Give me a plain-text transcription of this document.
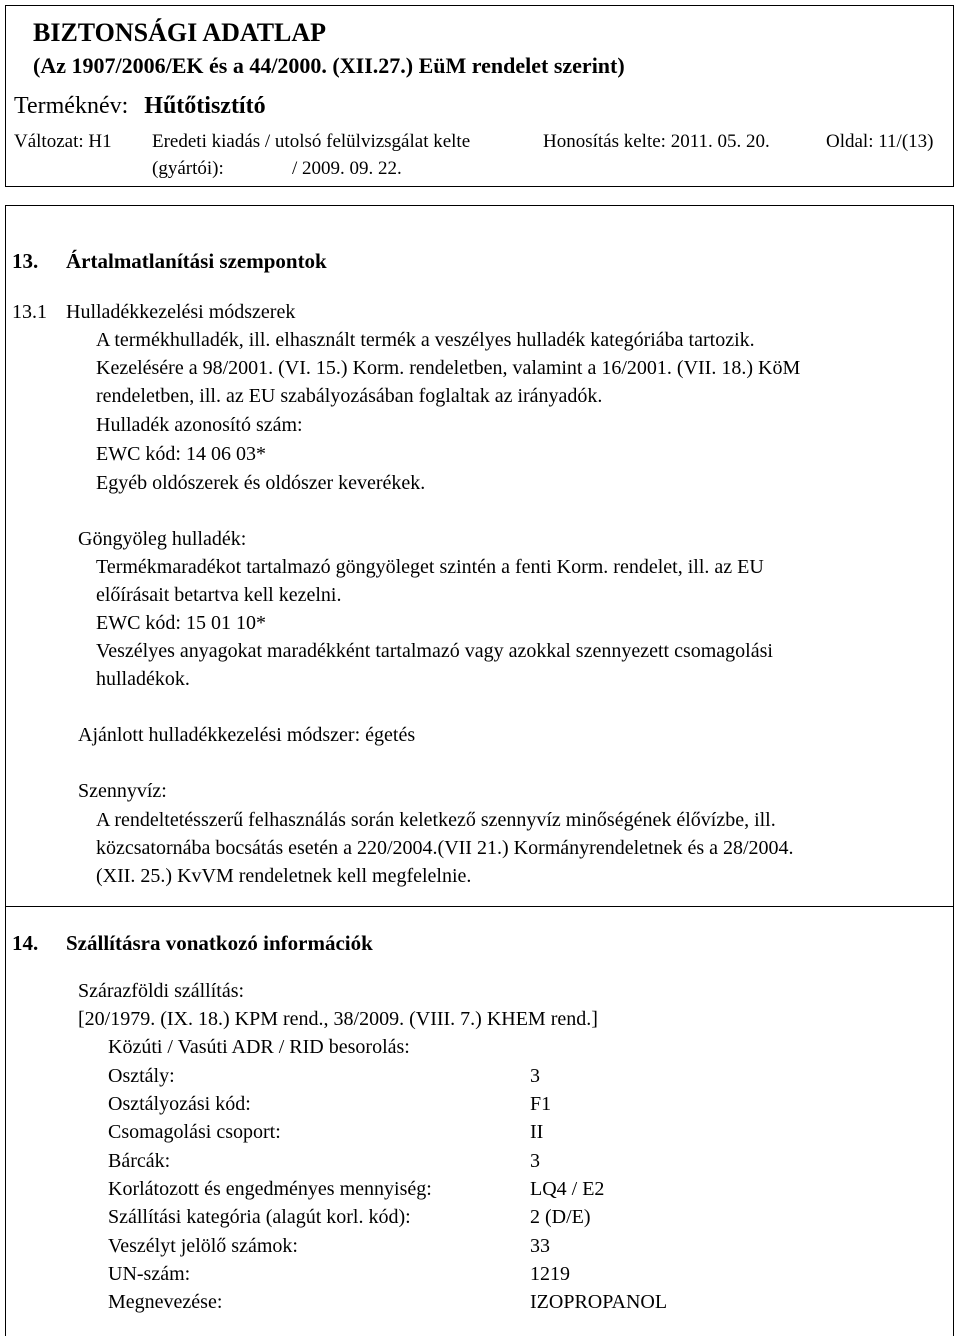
BIZTONSÁGI ADATLAP
(Az 1907/2006/EK és a 44/2000. (XII.27.) EüM rendelet szerint)
Terméknév: Hűtőtisztító
Változat: H1 Eredeti kiadás / utolsó felülvizsgálat kelte
(gyártói):	/ 2009. 09. 22.
Honosítás kelte: 2011. 05. 20.	Oldal: 11/(13)
13. Ártalmatlanítási szempontok
13.1 Hulladékkezelési módszerek
A termékhulladék, ill. elhasznált termék a veszélyes hulladék kategóriába tartozik.
Kezelésére a 98/2001. (VI. 15.) Korm. rendeletben, valamint a 16/2001. (VII. 18.) KöM
rendeletben, ill. az EU szabályozásában foglaltak az irányadók.
Hulladék azonosító szám:
EWC kód: 14 06 03*
Egyéb oldószerek és oldószer keverékek.
Göngyöleg hulladék:
Termékmaradékot tartalmazó göngyöleget szintén a fenti Korm. rendelet, ill. az EU
előírásait betartva kell kezelni.
EWC kód: 15 01 10*
Veszélyes anyagokat maradékként tartalmazó vagy azokkal szennyezett csomagolási
hulladékok.
Ajánlott hulladékkezelési módszer: égetés
Szennyvíz:
A rendeltetésszerű felhasználás során keletkező szennyvíz minőségének élővízbe, ill.
közcsatornába bocsátás esetén a 220/2004.(VII 21.) Kormányrendeletnek és a 28/2004.
(XII. 25.) KvVM rendeletnek kell megfelelnie.
14. Szállításra vonatkozó információk
Szárazföldi szállítás:
[20/1979. (IX. 18.) KPM rend., 38/2009. (VIII. 7.) KHEM rend.]
Közúti / Vasúti ADR / RID besorolás:
Osztály:	3
Osztályozási kód:	F1
Csomagolási csoport:	II
Bárcák:	3
Korlátozott és engedményes mennyiség:	LQ4 / E2
Szállítási kategória (alagút korl. kód):	2 (D/E)
Veszélyt jelölő számok:	33
UN-szám:	1219
Megnevezése:	IZOPROPANOL
